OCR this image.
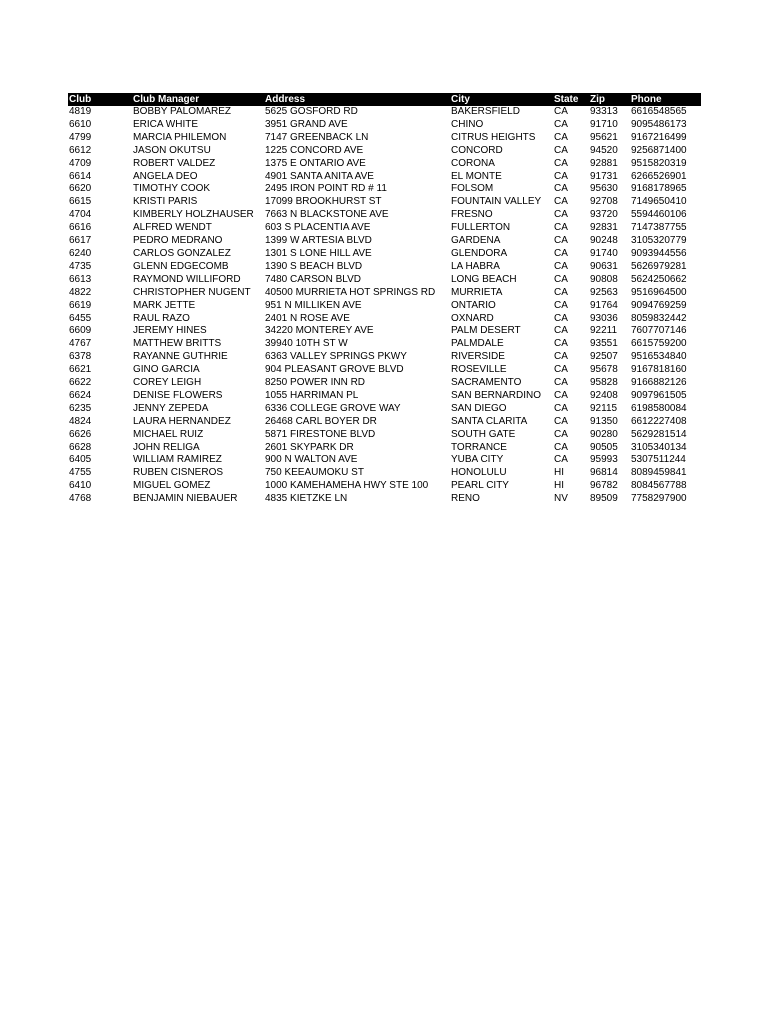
Club	Club Manager	Address	City	State	Zip	Phone
4819	BOBBY PALOMAREZ	5625 GOSFORD RD	BAKERSFIELD	CA	93313	6616548565
6610	ERICA WHITE	3951 GRAND AVE	CHINO	CA	91710	9095486173
4799	MARCIA PHILEMON	7147 GREENBACK LN	CITRUS HEIGHTS	CA	95621	9167216499
6612	JASON OKUTSU	1225 CONCORD AVE	CONCORD	CA	94520	9256871400
4709	ROBERT VALDEZ	1375 E ONTARIO AVE	CORONA	CA	92881	9515820319
6614	ANGELA DEO	4901 SANTA ANITA AVE	EL MONTE	CA	91731	6266526901
6620	TIMOTHY COOK	2495 IRON POINT RD # 11	FOLSOM	CA	95630	9168178965
6615	KRISTI PARIS	17099 BROOKHURST ST	FOUNTAIN VALLEY	CA	92708	7149650410
4704	KIMBERLY HOLZHAUSER	7663 N BLACKSTONE AVE	FRESNO	CA	93720	5594460106
6616	ALFRED WENDT	603 S PLACENTIA AVE	FULLERTON	CA	92831	7147387755
6617	PEDRO MEDRANO	1399 W ARTESIA BLVD	GARDENA	CA	90248	3105320779
6240	CARLOS GONZALEZ	1301 S LONE HILL AVE	GLENDORA	CA	91740	9093944556
4735	GLENN EDGECOMB	1390 S BEACH BLVD	LA HABRA	CA	90631	5626979281
6613	RAYMOND WILLIFORD	7480 CARSON BLVD	LONG BEACH	CA	90808	5624250662
4822	CHRISTOPHER NUGENT	40500 MURRIETA HOT SPRINGS RD	MURRIETA	CA	92563	9516964500
6619	MARK JETTE	951 N MILLIKEN AVE	ONTARIO	CA	91764	9094769259
6455	RAUL RAZO	2401 N ROSE AVE	OXNARD	CA	93036	8059832442
6609	JEREMY HINES	34220 MONTEREY AVE	PALM DESERT	CA	92211	7607707146
4767	MATTHEW BRITTS	39940 10TH ST W	PALMDALE	CA	93551	6615759200
6378	RAYANNE GUTHRIE	6363 VALLEY SPRINGS PKWY	RIVERSIDE	CA	92507	9516534840
6621	GINO GARCIA	904 PLEASANT GROVE BLVD	ROSEVILLE	CA	95678	9167818160
6622	COREY LEIGH	8250 POWER INN RD	SACRAMENTO	CA	95828	9166882126
6624	DENISE FLOWERS	1055 HARRIMAN PL	SAN BERNARDINO	CA	92408	9097961505
6235	JENNY ZEPEDA	6336 COLLEGE GROVE WAY	SAN DIEGO	CA	92115	6198580084
4824	LAURA HERNANDEZ	26468 CARL BOYER DR	SANTA CLARITA	CA	91350	6612227408
6626	MICHAEL RUIZ	5871 FIRESTONE BLVD	SOUTH GATE	CA	90280	5629281514
6628	JOHN RELIGA	2601 SKYPARK DR	TORRANCE	CA	90505	3105340134
6405	WILLIAM RAMIREZ	900 N WALTON AVE	YUBA CITY	CA	95993	5307511244
4755	RUBEN CISNEROS	750 KEEAUMOKU ST	HONOLULU	HI	96814	8089459841
6410	MIGUEL GOMEZ	1000 KAMEHAMEHA HWY STE 100	PEARL CITY	HI	96782	8084567788
4768	BENJAMIN NIEBAUER	4835 KIETZKE LN	RENO	NV	89509	7758297900
